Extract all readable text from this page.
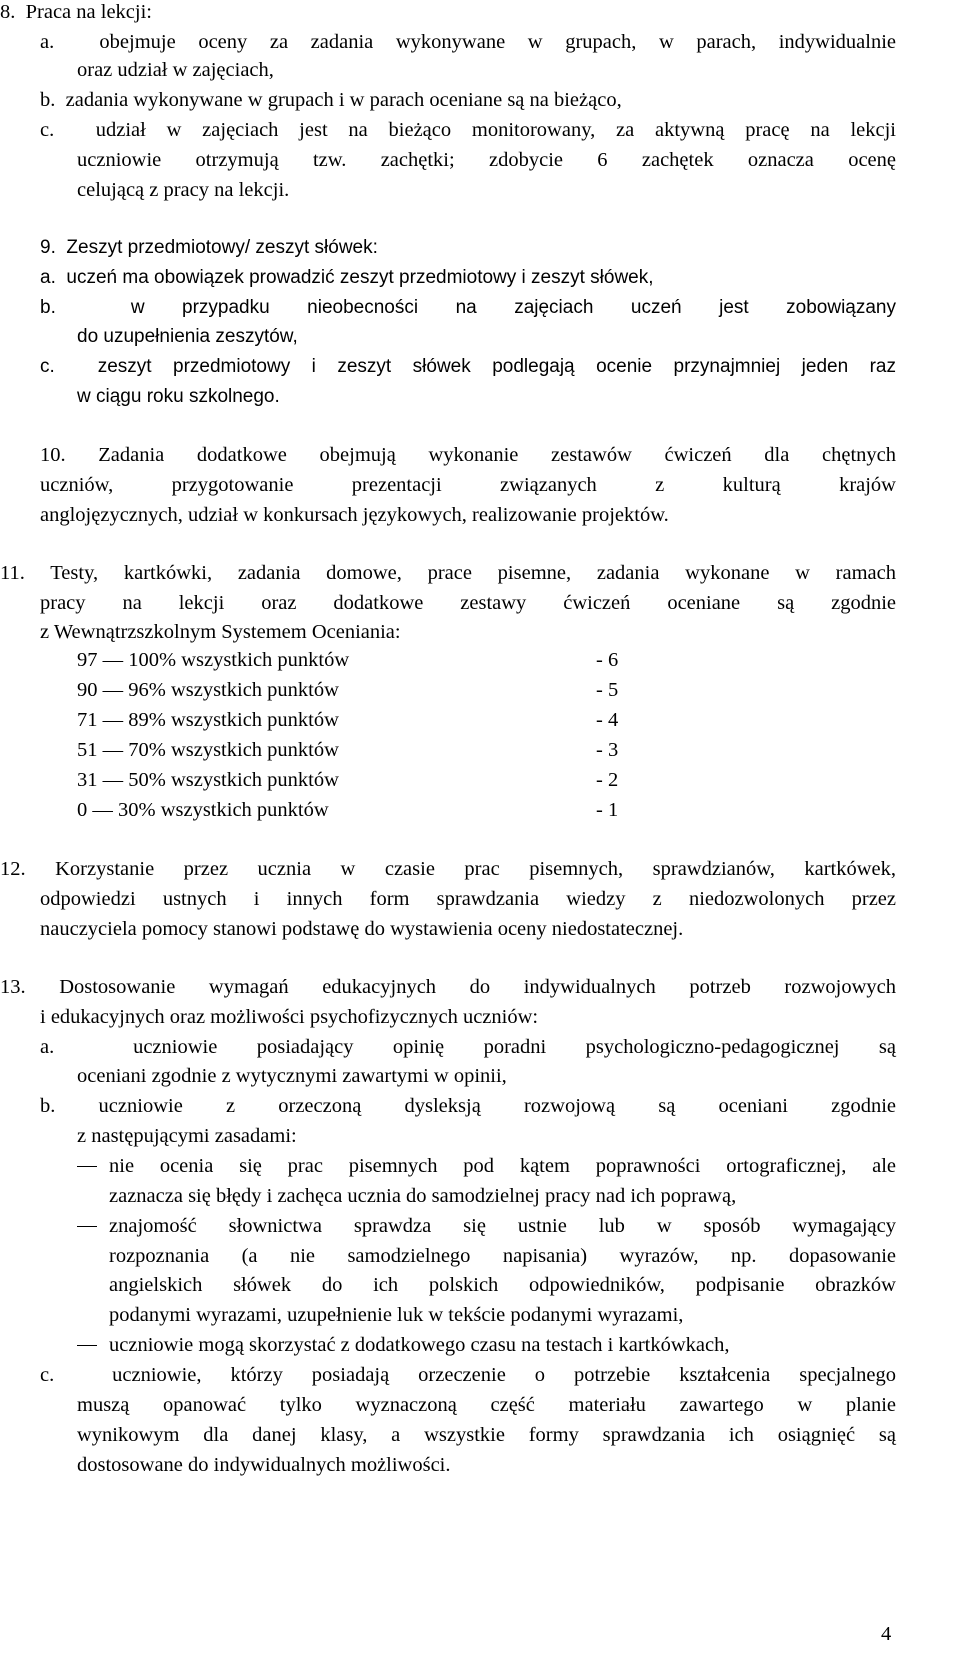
8.  Praca na lekcji:
a.  obejmuje oceny za zadania wykonywane w grupach, w parach, indywidualnie
oraz udział w zajęciach,
b.  zadania wykonywane w grupach i w parach oceniane są na bieżąco,
c.  udział w zajęciach jest na bieżąco monitorowany, za aktywną pracę na lekcji
uczniowie otrzymują tzw. zachętki; zdobycie 6 zachętek oznacza ocenę
celującą z pracy na lekcji.
9.  Zeszyt przedmiotowy/ zeszyt słówek:
a.  uczeń ma obowiązek prowadzić zeszyt przedmiotowy i zeszyt słówek,
b.  w przypadku nieobecności na zajęciach uczeń jest zobowiązany
do uzupełnienia zeszytów,
c.  zeszyt przedmiotowy i zeszyt słówek podlegają ocenie przynajmniej jeden raz
w ciągu roku szkolnego.
10. Zadania dodatkowe obejmują wykonanie zestawów ćwiczeń dla chętnych
uczniów, przygotowanie prezentacji związanych z kulturą krajów
anglojęzycznych, udział w konkursach językowych, realizowanie projektów.
11. Testy, kartkówki, zadania domowe, prace pisemne, zadania wykonane w ramach
pracy na lekcji oraz dodatkowe zestawy ćwiczeń oceniane są zgodnie
z Wewnątrzszkolnym Systemem Oceniania:
97 — 100% wszystkich punktów	- 6
90 — 96% wszystkich punktów	- 5
71 — 89% wszystkich punktów	- 4
51 — 70% wszystkich punktów	- 3
31 — 50% wszystkich punktów	- 2
0 — 30% wszystkich punktów	- 1
12. Korzystanie przez ucznia w czasie prac pisemnych, sprawdzianów, kartkówek,
odpowiedzi ustnych i innych form sprawdzania wiedzy z niedozwolonych przez
nauczyciela pomocy stanowi podstawę do wystawienia oceny niedostatecznej.
13. Dostosowanie wymagań edukacyjnych do indywidualnych potrzeb rozwojowych
i edukacyjnych oraz możliwości psychofizycznych uczniów:
a.  uczniowie posiadający opinię poradni psychologiczno-pedagogicznej są
oceniani zgodnie z wytycznymi zawartymi w opinii,
b. uczniowie z orzeczoną dysleksją rozwojową są oceniani zgodnie
z następującymi zasadami:
nie ocenia się prac pisemnych pod kątem poprawności ortograficznej, ale
zaznacza się błędy i zachęca ucznia do samodzielnej pracy nad ich poprawą,
znajomość słownictwa sprawdza się ustnie lub w sposób wymagający
rozpoznania (a nie samodzielnego napisania) wyrazów, np. dopasowanie
angielskich słówek do ich polskich odpowiedników, podpisanie obrazków
podanymi wyrazami, uzupełnienie luk w tekście podanymi wyrazami,
uczniowie mogą skorzystać z dodatkowego czasu na testach i kartkówkach,
c.  uczniowie, którzy posiadają orzeczenie o potrzebie kształcenia specjalnego
muszą opanować tylko wyznaczoną część materiału zawartego w planie
wynikowym dla danej klasy, a wszystkie formy sprawdzania ich osiągnięć są
dostosowane do indywidualnych możliwości.
4
